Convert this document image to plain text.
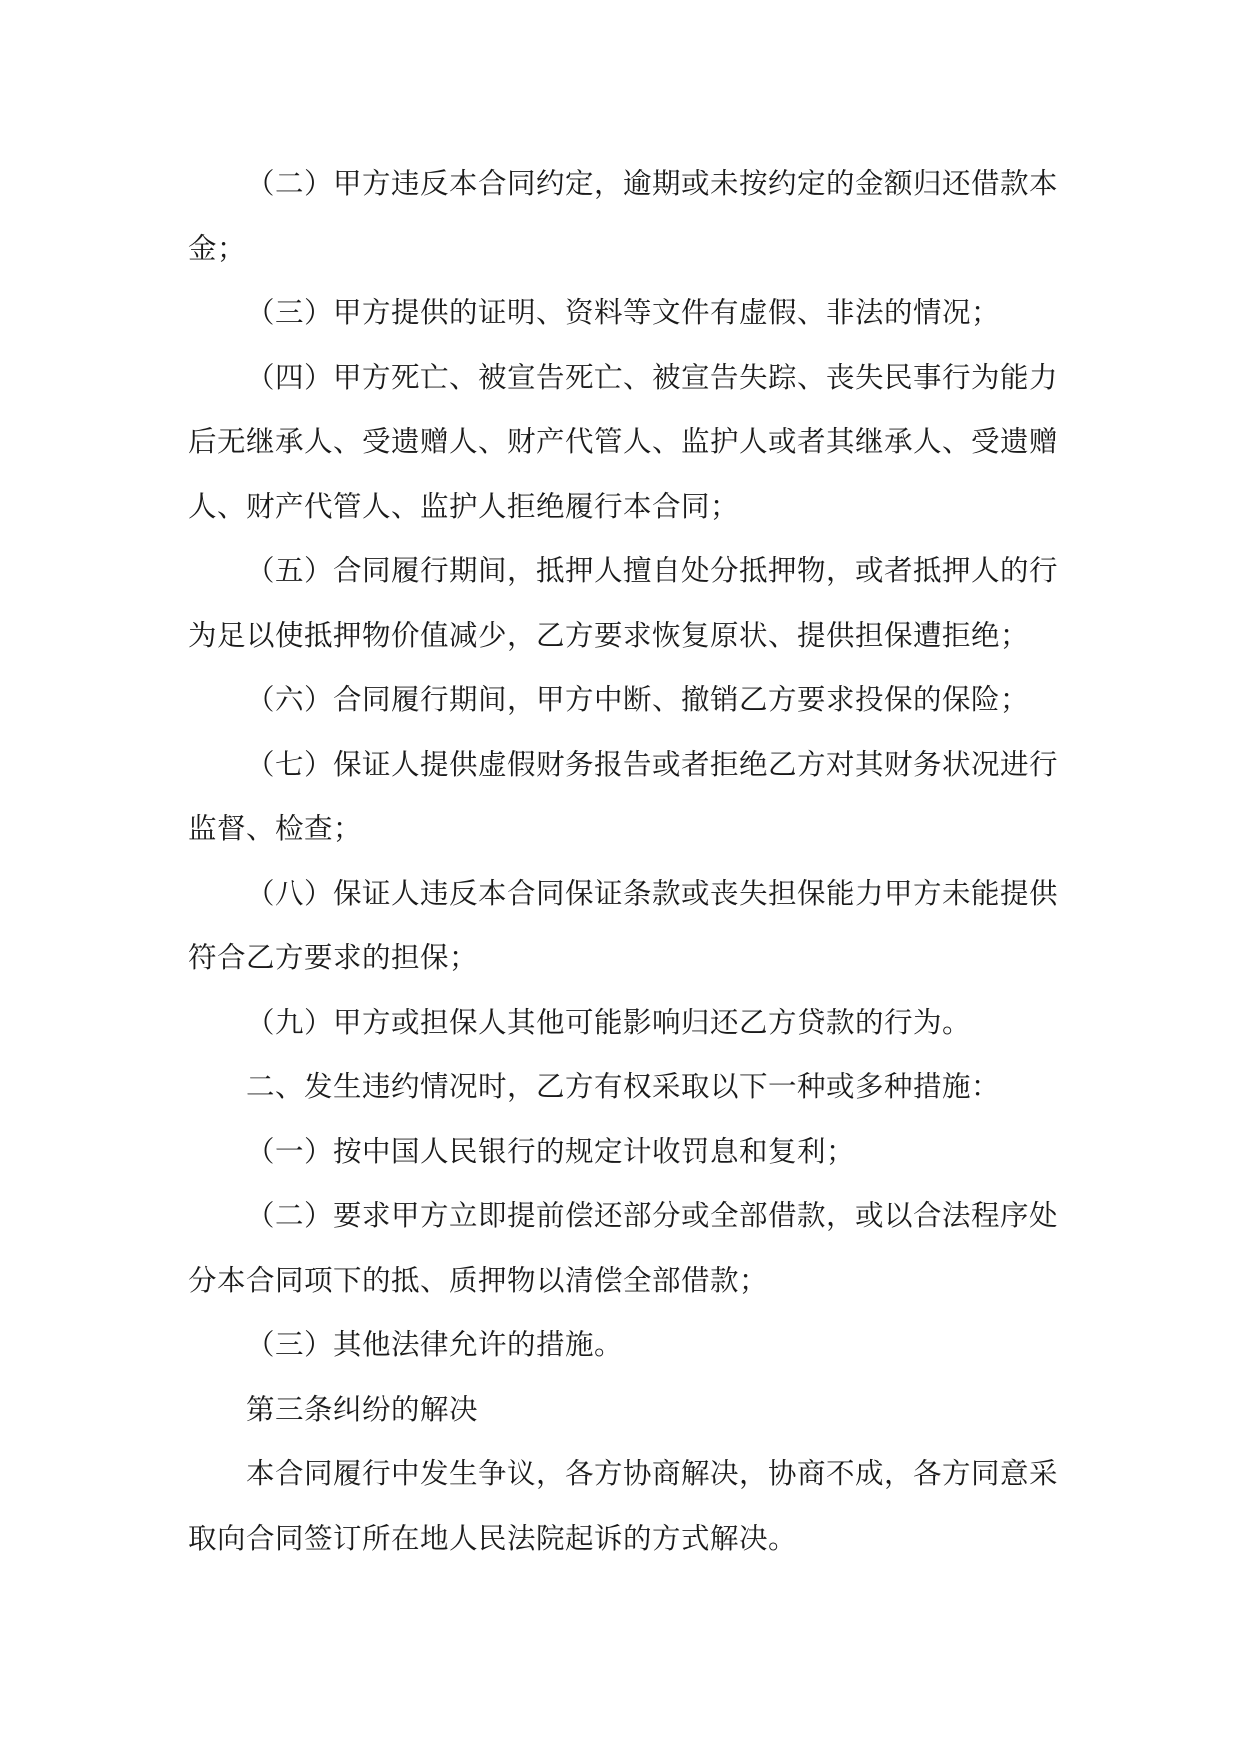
（二）甲方违反本合同约定，逾期或未按约定的金额归还借款本金；

（三）甲方提供的证明、资料等文件有虚假、非法的情况；

（四）甲方死亡、被宣告死亡、被宣告失踪、丧失民事行为能力后无继承人、受遗赠人、财产代管人、监护人或者其继承人、受遗赠人、财产代管人、监护人拒绝履行本合同；

（五）合同履行期间，抵押人擅自处分抵押物，或者抵押人的行为足以使抵押物价值减少，乙方要求恢复原状、提供担保遭拒绝；

（六）合同履行期间，甲方中断、撤销乙方要求投保的保险；

（七）保证人提供虚假财务报告或者拒绝乙方对其财务状况进行监督、检查；

（八）保证人违反本合同保证条款或丧失担保能力甲方未能提供符合乙方要求的担保；

（九）甲方或担保人其他可能影响归还乙方贷款的行为。

二、发生违约情况时，乙方有权采取以下一种或多种措施：

（一）按中国人民银行的规定计收罚息和复利；

（二）要求甲方立即提前偿还部分或全部借款，或以合法程序处分本合同项下的抵、质押物以清偿全部借款；

（三）其他法律允许的措施。

第三条纠纷的解决

本合同履行中发生争议，各方协商解决，协商不成，各方同意采取向合同签订所在地人民法院起诉的方式解决。
